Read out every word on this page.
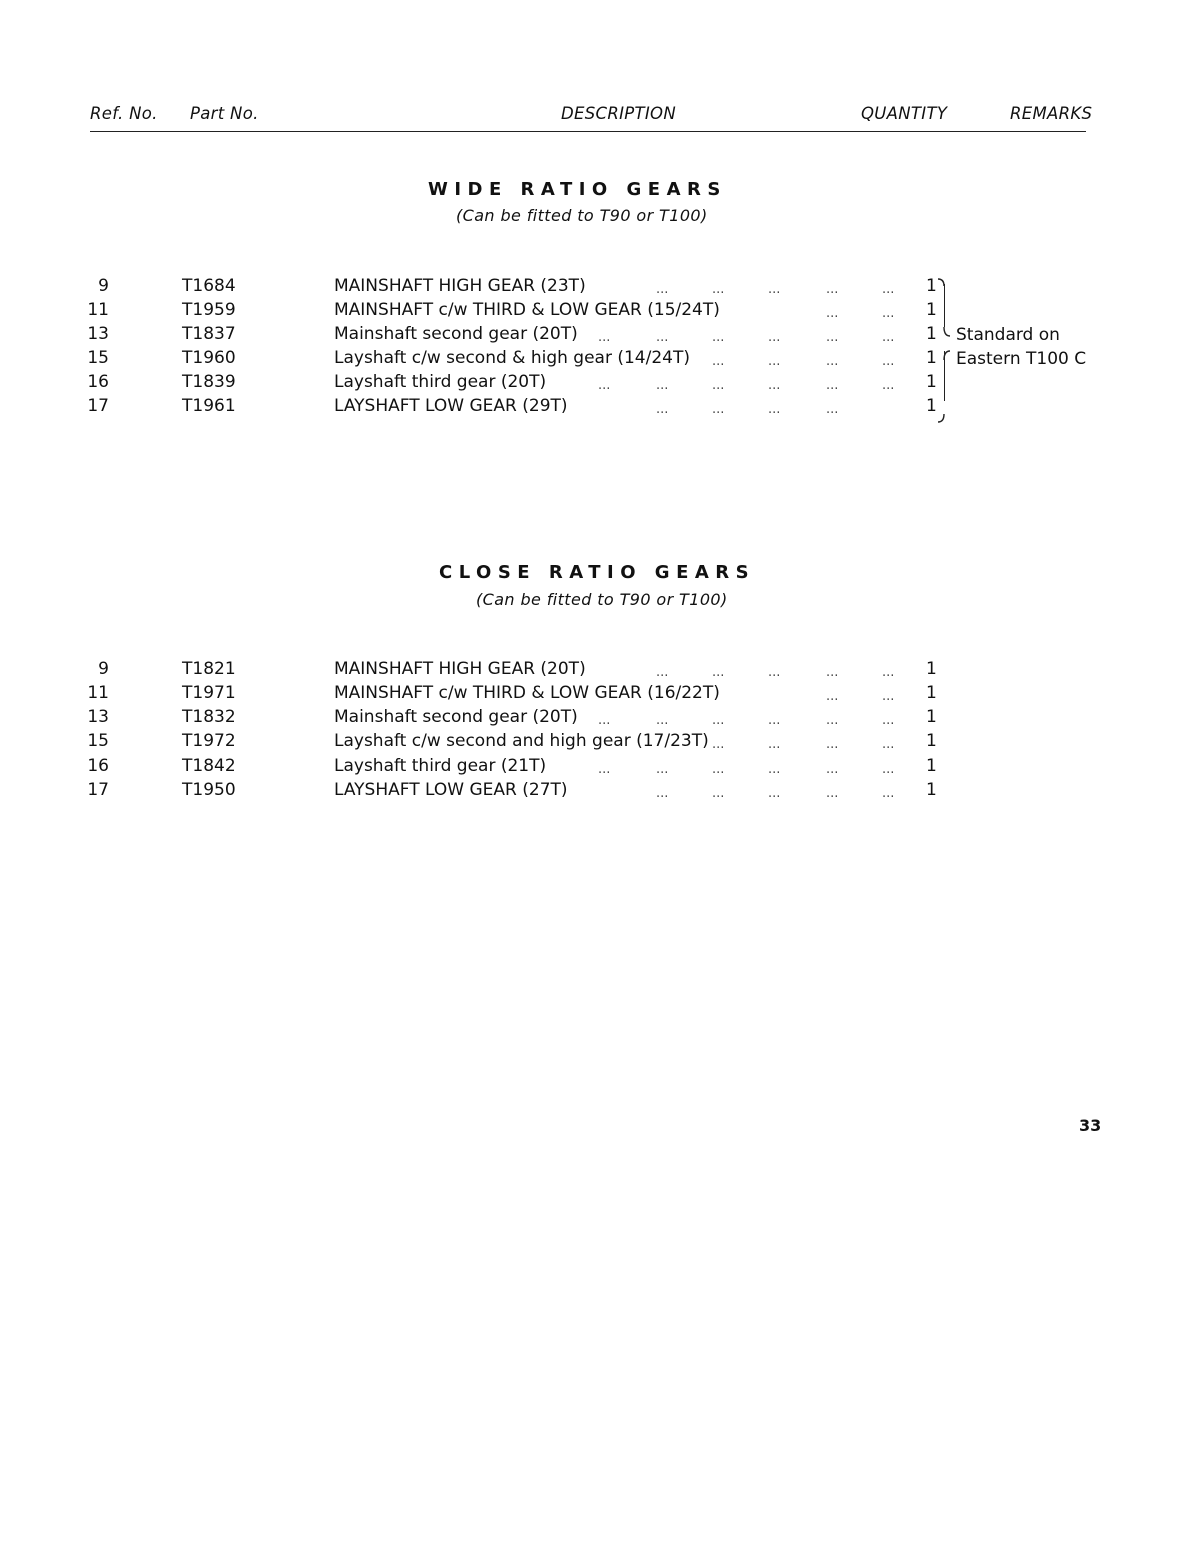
Ref. No. Part No.	DESCRIPTION	QUANTITY	REMARKS
WIDE RATIO GEARS
(Can be fitted to T90 or T100)
9	T1684	MAINSHAFT HIGH GEAR (23T)	...	...	...	...	... 1
11	T1959	MAINSHAFT c/w THIRD & LOW GEAR (15/24T)	...	... 1
13	T1837	Mainshaft second gear (20T) ...	...	...	...	...	... 1
15	T1960	Layshaft c/w second & high gear (14/24T) ...	...	...	... 1
16	T1839	Layshaft third gear (20T)	...	...	...	...	...	... 1
17	T1961	LAYSHAFT LOW GEAR (29T)	...	...	...	...	1
Standard on
Eastern T100 C
CLOSE RATIO GEARS
(Can be fitted to T90 or T100)
9	T1821	MAINSHAFT HIGH GEAR (20T)	...	...	...	...	... 1
11	T1971	MAINSHAFT c/w THIRD & LOW GEAR (16/22T)	...	... 1
13	T1832	Mainshaft second gear (20T) ...	...	...	...	...	... 1
15	T1972	Layshaft c/w second and high gear (17/23T) ...	...	...	... 1
16	T1842	Layshaft third gear (21T)	...	...	...	...	...	... 1
17	T1950	LAYSHAFT LOW GEAR (27T)	...	...	...	...	... 1
33
